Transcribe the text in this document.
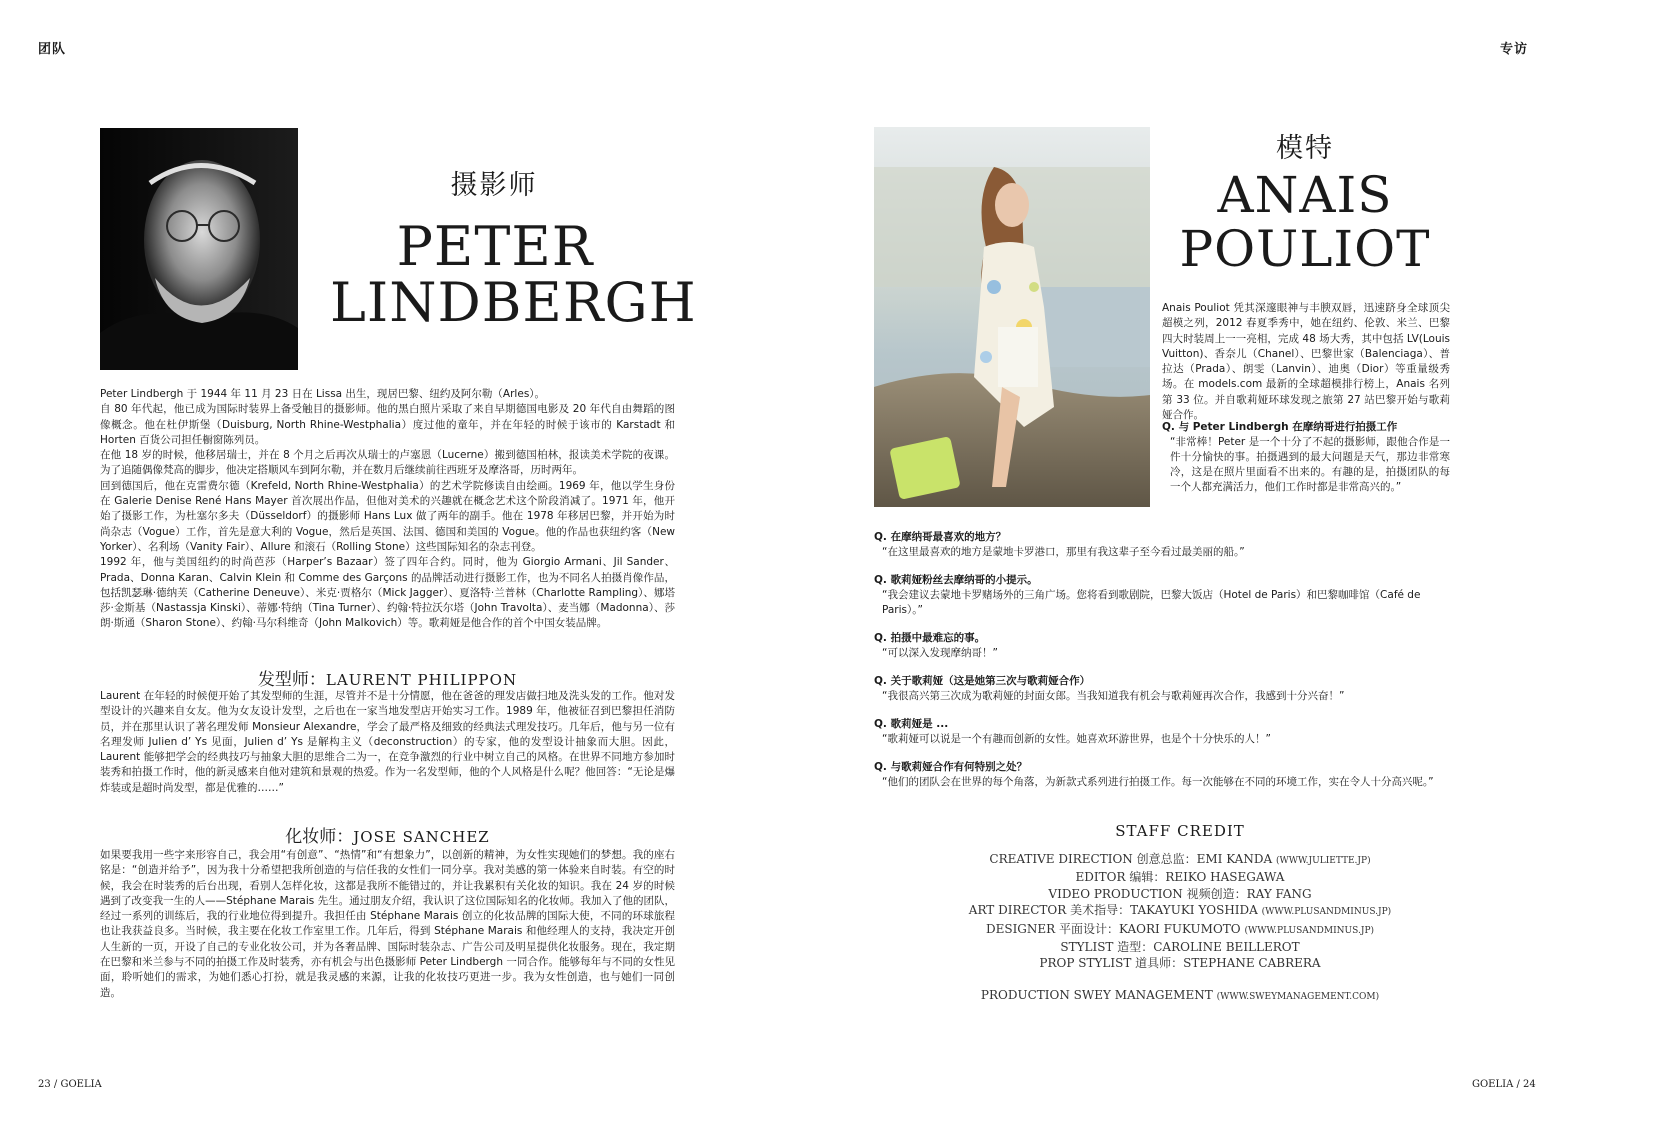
团队	专访
摄影师
PETER
LINDBERGH

Peter Lindbergh 于 1944 年 11 月 23 日在 Lissa 出生，现居巴黎、纽约及阿尔勒（Arles）。

自 80 年代起，他已成为国际时装界上备受触目的摄影师。他的黑白照片采取了来自早期德国电影及 20 年代自由舞蹈的图像概念。他在杜伊斯堡（Duisburg, North Rhine-Westphalia）度过他的童年，并在年轻的时候于该市的 Karstadt 和 Horten 百货公司担任橱窗陈列员。

在他 18 岁的时候，他移居瑞士，并在 8 个月之后再次从瑞士的卢塞恩（Lucerne）搬到德国柏林，报读美术学院的夜课。为了追随偶像梵高的脚步，他决定搭顺风车到阿尔勒，并在数月后继续前往西班牙及摩洛哥，历时两年。

回到德国后，他在克雷费尔德（Krefeld, North Rhine-Westphalia）的艺术学院修读自由绘画。1969 年，他以学生身份在 Galerie Denise René Hans Mayer 首次展出作品，但他对美术的兴趣就在概念艺术这个阶段消减了。1971 年，他开始了摄影工作，为杜塞尔多夫（Düsseldorf）的摄影师 Hans Lux 做了两年的副手。他在 1978 年移居巴黎，并开始为时尚杂志（Vogue）工作，首先是意大利的 Vogue，然后是英国、法国、德国和美国的 Vogue。他的作品也获纽约客（New Yorker）、名利场（Vanity Fair）、Allure 和滚石（Rolling Stone）这些国际知名的杂志刊登。

1992 年，他与美国纽约的时尚芭莎（Harper’s Bazaar）签了四年合约。同时，他为 Giorgio Armani、Jil Sander、Prada、Donna Karan、Calvin Klein 和 Comme des Garçons 的品牌活动进行摄影工作，也为不同名人拍摄肖像作品，包括凯瑟琳·德纳芙（Catherine Deneuve）、米克·贾格尔（Mick Jagger）、夏洛特·兰普林（Charlotte Rampling）、娜塔莎·金斯基（Nastassja Kinski）、蒂娜·特纳（Tina Turner）、约翰·特拉沃尔塔（John Travolta）、麦当娜（Madonna）、莎朗·斯通（Sharon Stone）、约翰·马尔科维奇（John Malkovich）等。歌莉娅是他合作的首个中国女装品牌。

发型师：LAURENT PHILIPPON
Laurent 在年轻的时候便开始了其发型师的生涯，尽管并不是十分情愿，他在爸爸的理发店做扫地及洗头发的工作。他对发型设计的兴趣来自女友。他为女友设计发型，之后也在一家当地发型店开始实习工作。1989 年，他被征召到巴黎担任消防员，并在那里认识了著名理发师 Monsieur Alexandre，学会了最严格及细致的经典法式理发技巧。几年后，他与另一位有名理发师 Julien d’ Ys 见面，Julien d’ Ys 是解构主义（deconstruction）的专家，他的发型设计抽象而大胆。因此，Laurent 能够把学会的经典技巧与抽象大胆的思维合二为一，在竞争激烈的行业中树立自己的风格。在世界不同地方参加时装秀和拍摄工作时，他的新灵感来自他对建筑和景观的热爱。作为一名发型师，他的个人风格是什么呢？他回答：“无论是爆炸装或是超时尚发型，都是优雅的……”
化妆师：JOSE SANCHEZ
如果要我用一些字来形容自己，我会用“有创意”、“热情”和“有想象力”，以创新的精神，为女性实现她们的梦想。我的座右铭是：“创造并给予”，因为我十分希望把我所创造的与信任我的女性们一同分享。我对美感的第一体验来自时装。有空的时候，我会在时装秀的后台出现，看别人怎样化妆，这都是我所不能错过的，并让我累积有关化妆的知识。我在 24 岁的时候遇到了改变我一生的人——Stéphane Marais 先生。通过朋友介绍，我认识了这位国际知名的化妆师。我加入了他的团队，经过一系列的训练后，我的行业地位得到提升。我担任由 Stéphane Marais 创立的化妆品牌的国际大使，不同的环球旅程也让我获益良多。当时候，我主要在化妆工作室里工作。几年后，得到 Stéphane Marais 和他经理人的支持，我决定开创人生新的一页，开设了自己的专业化妆公司，并为各奢品牌、国际时装杂志、广告公司及明星提供化妆服务。现在，我定期在巴黎和米兰参与不同的拍摄工作及时装秀，亦有机会与出色摄影师 Peter Lindbergh 一同合作。能够每年与不同的女性见面，聆听她们的需求，为她们悉心打扮，就是我灵感的来源，让我的化妆技巧更进一步。我为女性创造，也与她们一同创造。
模特
ANAIS
POULIOT
Anais Pouliot 凭其深邃眼神与丰腴双唇，迅速跻身全球顶尖超模之列，2012 春夏季秀中，她在纽约、伦敦、米兰、巴黎四大时装周上一一亮相，完成 48 场大秀，其中包括 LV(Louis Vuitton)、香奈儿（Chanel）、巴黎世家（Balenciaga）、普拉达（Prada）、朗雯（Lanvin）、迪奥（Dior）等重量级秀场。在 models.com 最新的全球超模排行榜上，Anais 名列第 33 位。并自歌莉娅环球发现之旅第 27 站巴黎开始与歌莉娅合作。

Q. 与 Peter Lindbergh 在摩纳哥进行拍摄工作

“非常棒！Peter 是一个十分了不起的摄影师，跟他合作是一件十分愉快的事。拍摄遇到的最大问题是天气，那边非常寒冷，这是在照片里面看不出来的。有趣的是，拍摄团队的每一个人都充满活力，他们工作时都是非常高兴的。”

Q. 在摩纳哥最喜欢的地方？

“在这里最喜欢的地方是蒙地卡罗港口，那里有我这辈子至今看过最美丽的船。”

Q. 歌莉娅粉丝去摩纳哥的小提示。

“我会建议去蒙地卡罗赌场外的三角广场。您将看到歌剧院，巴黎大饭店（Hotel de Paris）和巴黎咖啡馆（Café de Paris）。”

Q. 拍摄中最难忘的事。

“可以深入发现摩纳哥！”

Q. 关于歌莉娅（这是她第三次与歌莉娅合作）

“我很高兴第三次成为歌莉娅的封面女郎。当我知道我有机会与歌莉娅再次合作，我感到十分兴奋！”

Q. 歌莉娅是 ...

“歌莉娅可以说是一个有趣而创新的女性。她喜欢环游世界，也是个十分快乐的人！”

Q. 与歌莉娅合作有何特别之处？

“他们的团队会在世界的每个角落，为新款式系列进行拍摄工作。每一次能够在不同的环境工作，实在令人十分高兴呢。”

STAFF CREDIT
CREATIVE DIRECTION 创意总监：EMI KANDA (WWW.JULIETTE.JP)
EDITOR 编辑：REIKO HASEGAWA
VIDEO PRODUCTION 视频创造：RAY FANG
ART DIRECTOR 美术指导：TAKAYUKI YOSHIDA (WWW.PLUSANDMINUS.JP)
DESIGNER 平面设计：KAORI FUKUMOTO (WWW.PLUSANDMINUS.JP)
STYLIST 造型：CAROLINE BEILLEROT
PROP STYLIST 道具师：STEPHANE CABRERA
PRODUCTION SWEY MANAGEMENT (WWW.SWEYMANAGEMENT.COM)
23 / GOELIA	GOELIA / 24
